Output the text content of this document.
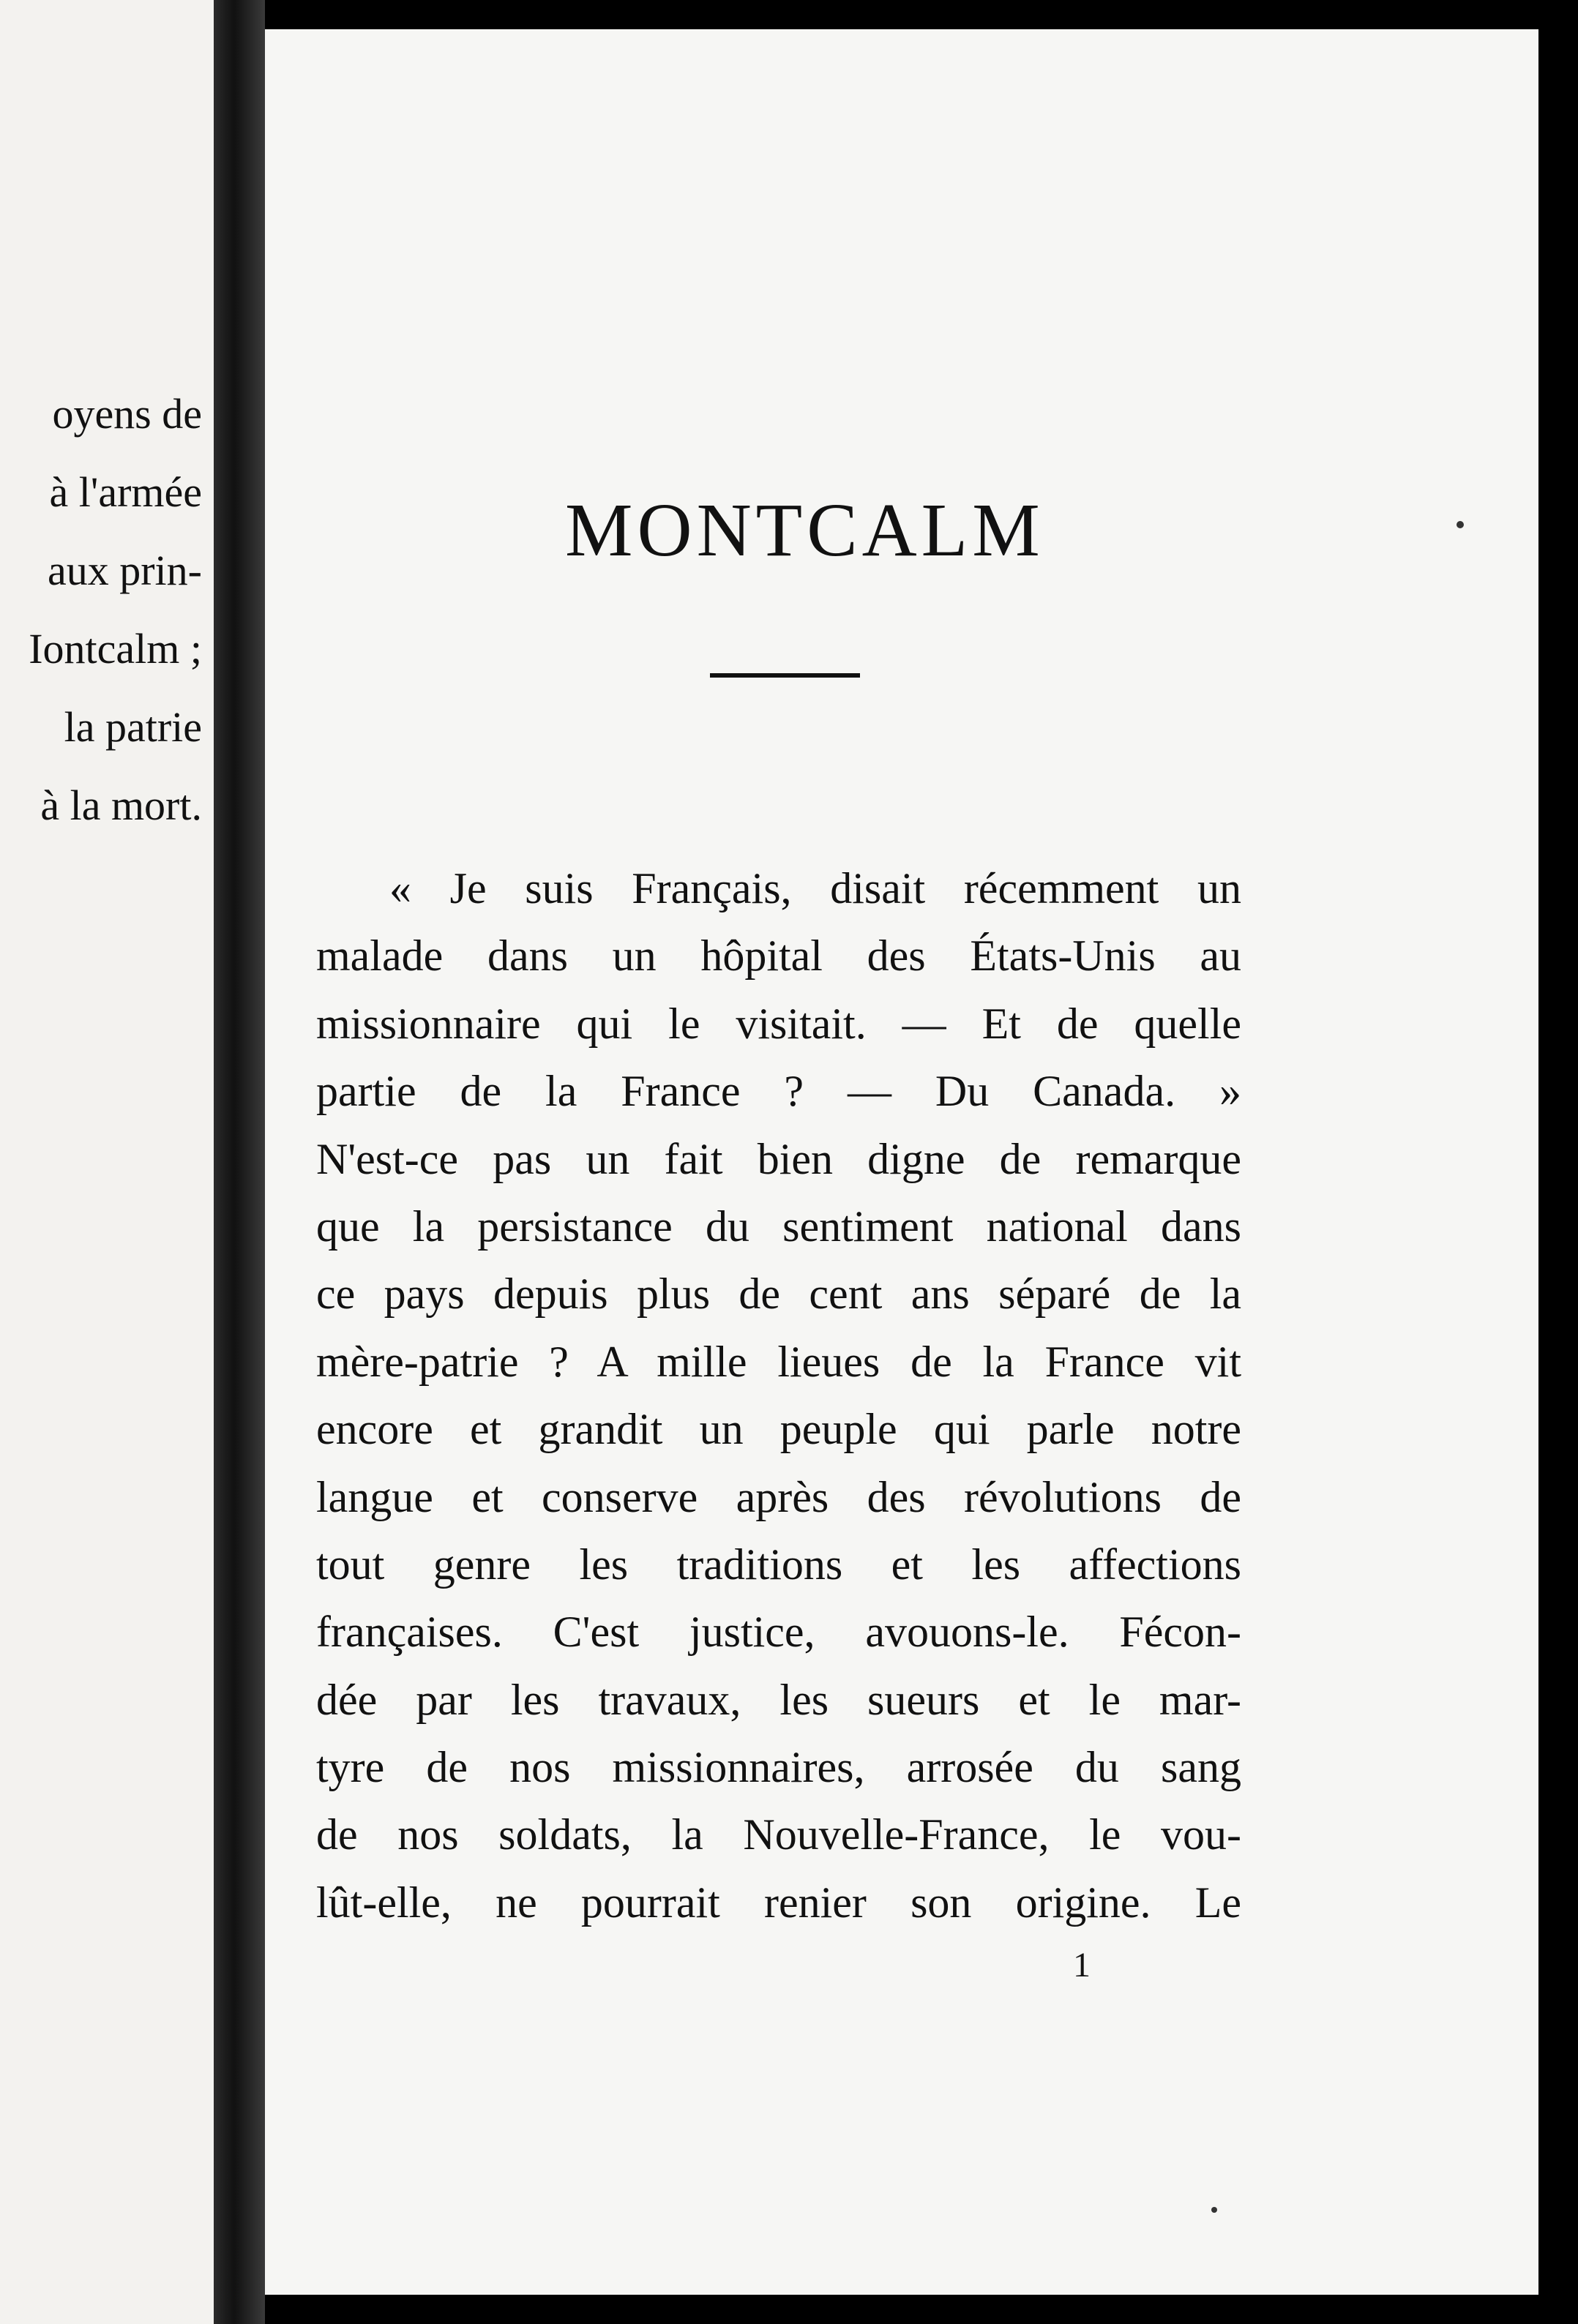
oyens de
à l'armée
aux prin-
Iontcalm ;
la patrie
à la mort.
MONTCALM
« Je suis Français, disait récemment un
malade dans un hôpital des États-Unis au
missionnaire qui le visitait. — Et de quelle
partie de la France ? — Du Canada. »
N'est-ce pas un fait bien digne de remarque
que la persistance du sentiment national dans
ce pays depuis plus de cent ans séparé de la
mère-patrie ? A mille lieues de la France vit
encore et grandit un peuple qui parle notre
langue et conserve après des révolutions de
tout genre les traditions et les affections
françaises. C'est justice, avouons-le. Fécon-
dée par les travaux, les sueurs et le mar-
tyre de nos missionnaires, arrosée du sang
de nos soldats, la Nouvelle-France, le vou-
lût-elle, ne pourrait renier son origine. Le
1
